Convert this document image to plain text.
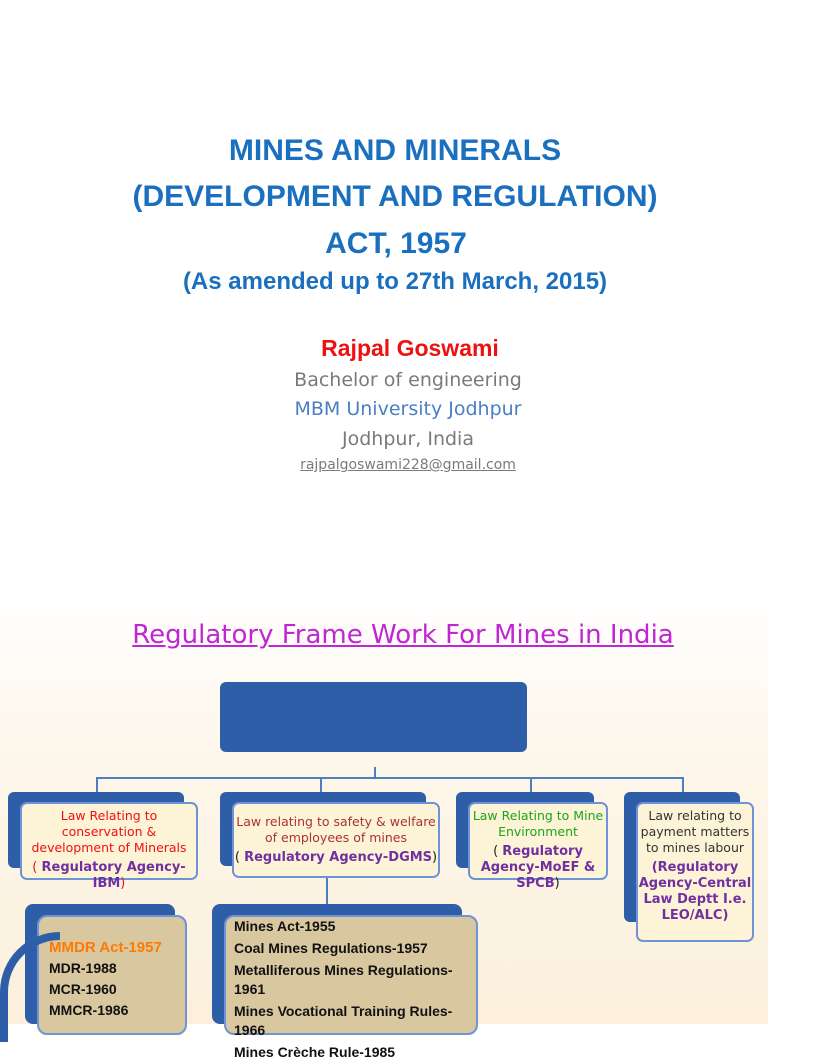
MINES AND MINERALS
(DEVELOPMENT AND REGULATION)
ACT, 1957
(As amended up to 27th March, 2015)
Rajpal Goswami
Bachelor of engineering
MBM University Jodhpur
Jodhpur, India
rajpalgoswami228@gmail.com
Regulatory Frame Work For Mines in India
Law Relating to conservation & development of Minerals
( Regulatory Agency-IBM)
Law relating to safety & welfare of employees of mines
( Regulatory Agency-DGMS)
Law Relating to Mine Environment
( Regulatory Agency-MoEF & SPCB)
Law relating to payment matters to mines labour
(Regulatory Agency-Central Law Deptt I.e. LEO/ALC)
MMDR Act-1957
MDR-1988
MCR-1960
MMCR-1986
Mines Act-1955
Coal Mines Regulations-1957
Metalliferous Mines Regulations-1961
Mines Vocational Training Rules-1966
Mines Crèche Rule-1985
